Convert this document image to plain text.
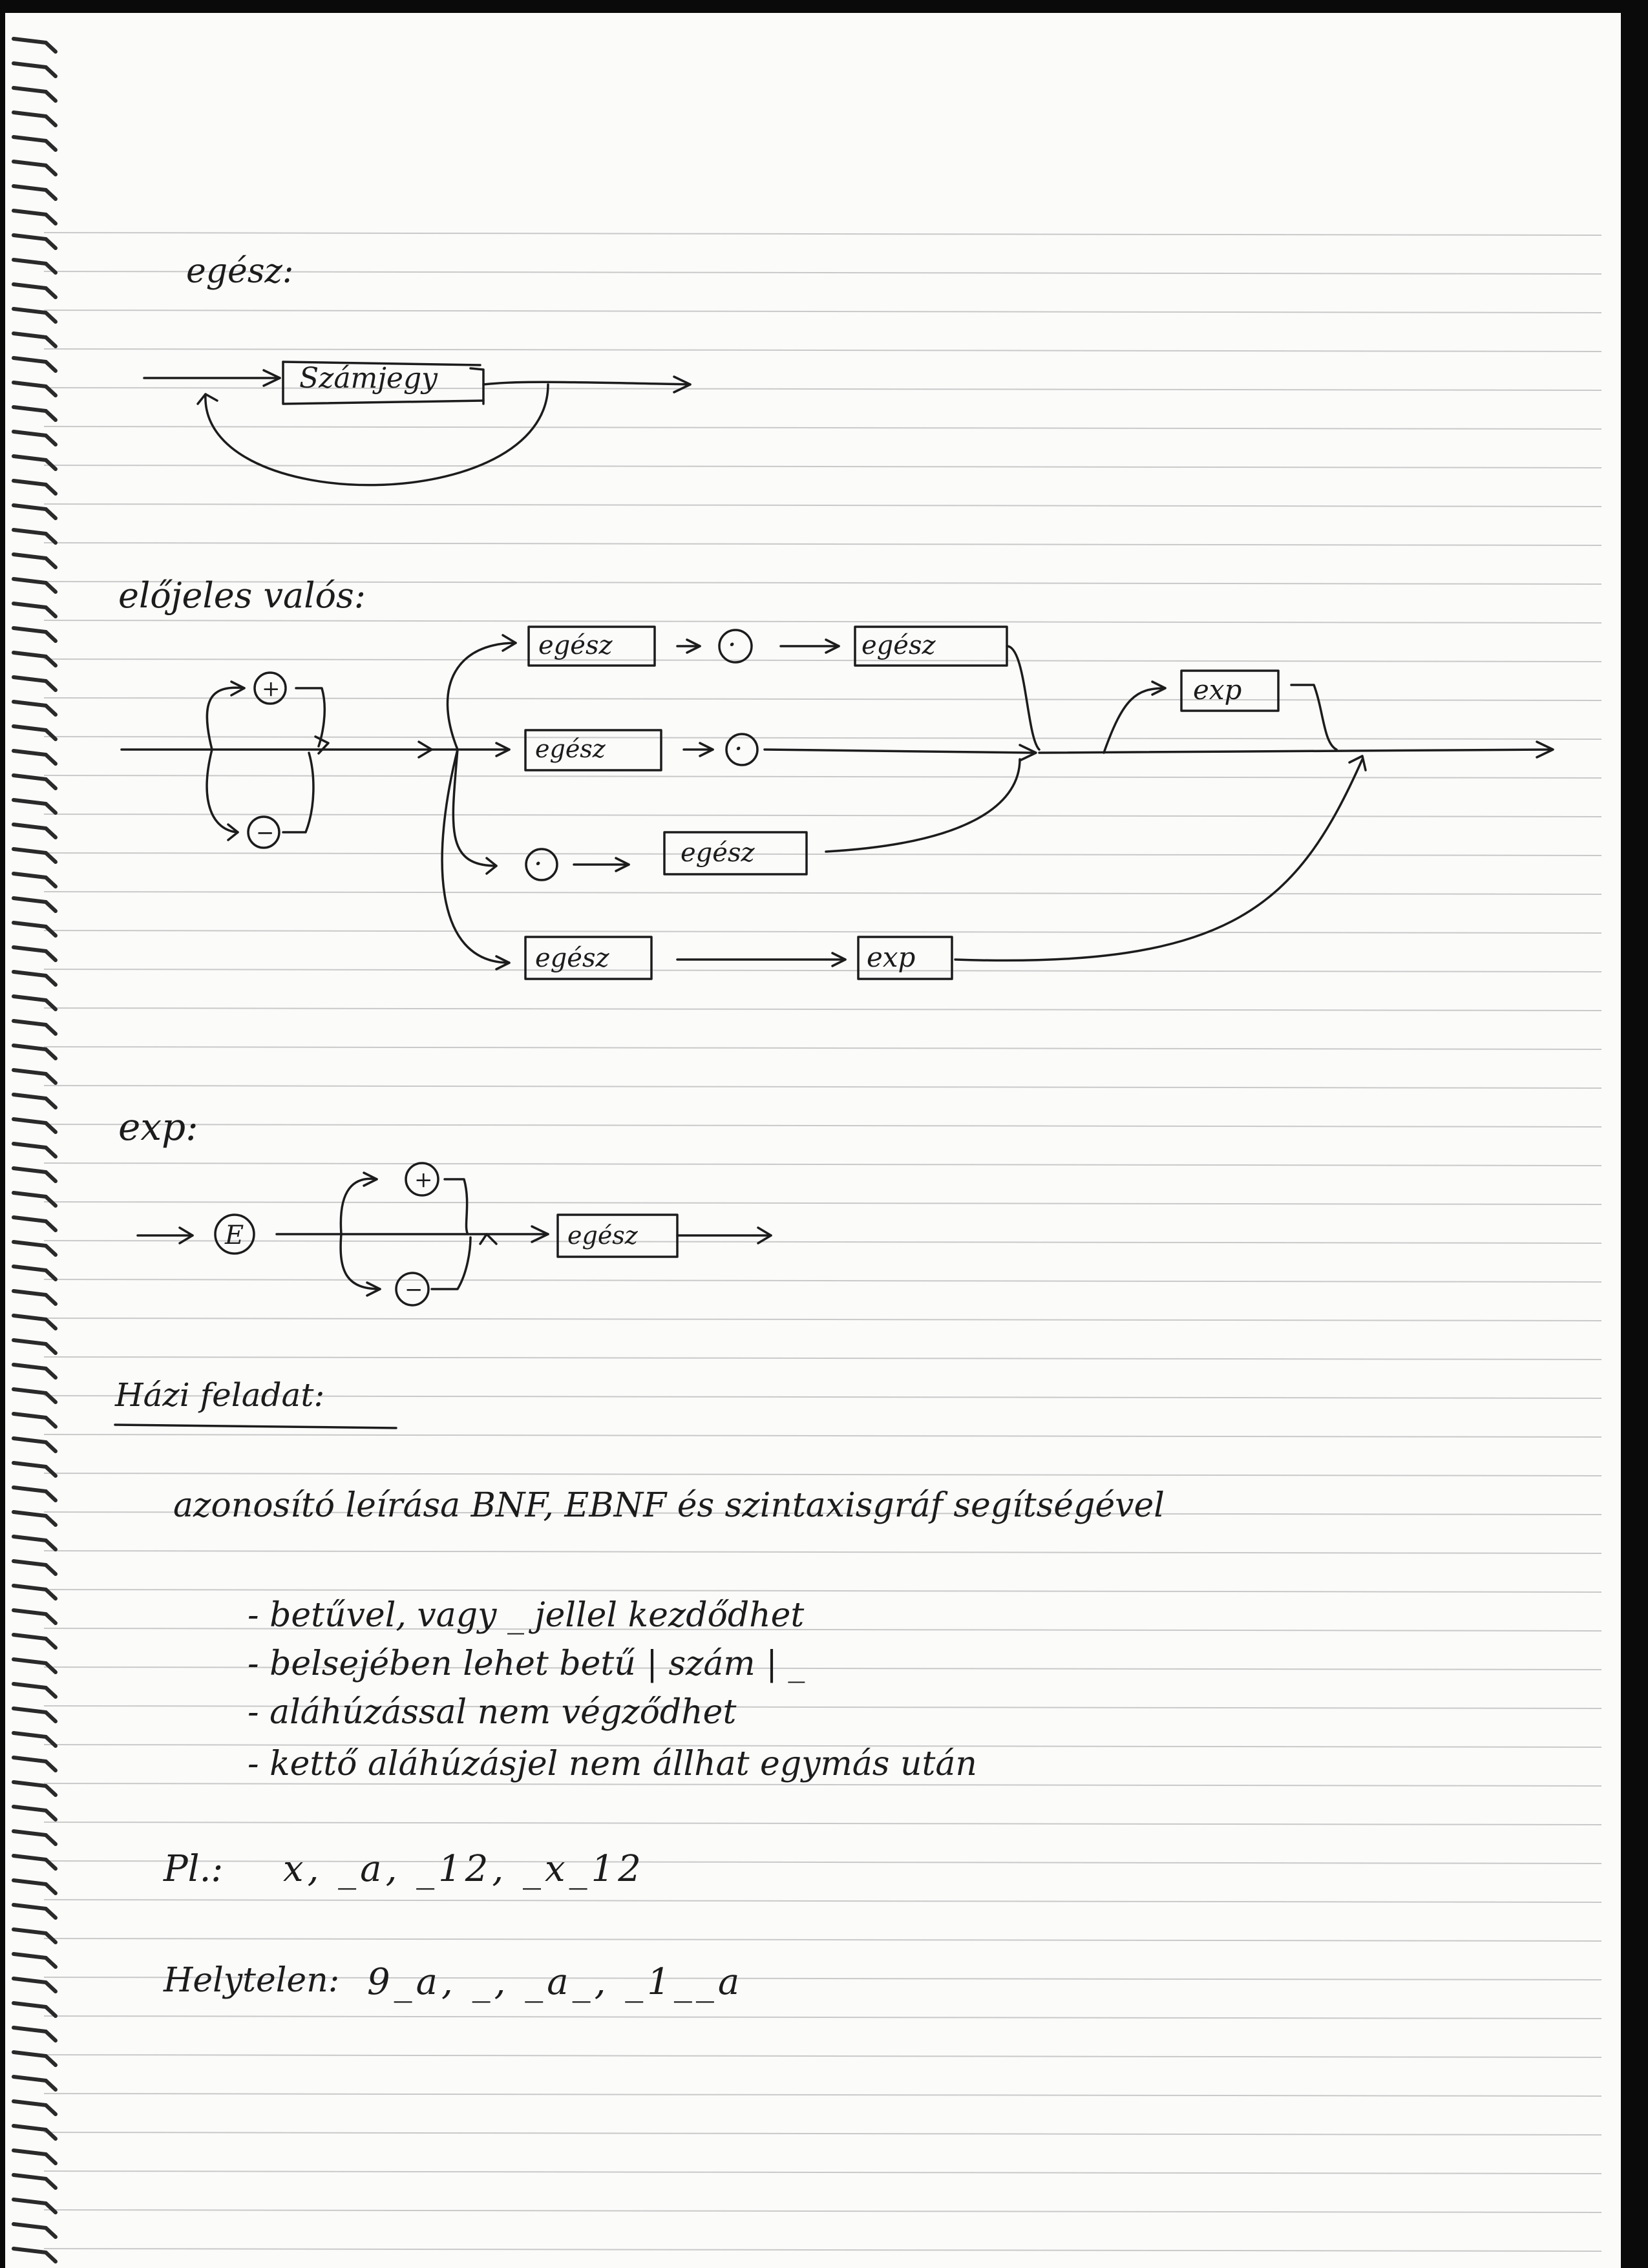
egész:
előjeles valós:
exp:
Számjegy
+
−
egész	·	egész
egész	·
·	egész
egész	exp
exp
E
+
−
egész
Házi feladat:
azonosító leírása BNF, EBNF és szintaxisgráf segítségével
- betűvel, vagy _ jellel kezdődhet
- belsejében lehet betű | szám | _
- aláhúzással nem végződhet
- kettő aláhúzásjel nem állhat egymás után
Pl.: x, _a, _12, _x_12
Helytelen: 9_a, _, _a_, _1__a
